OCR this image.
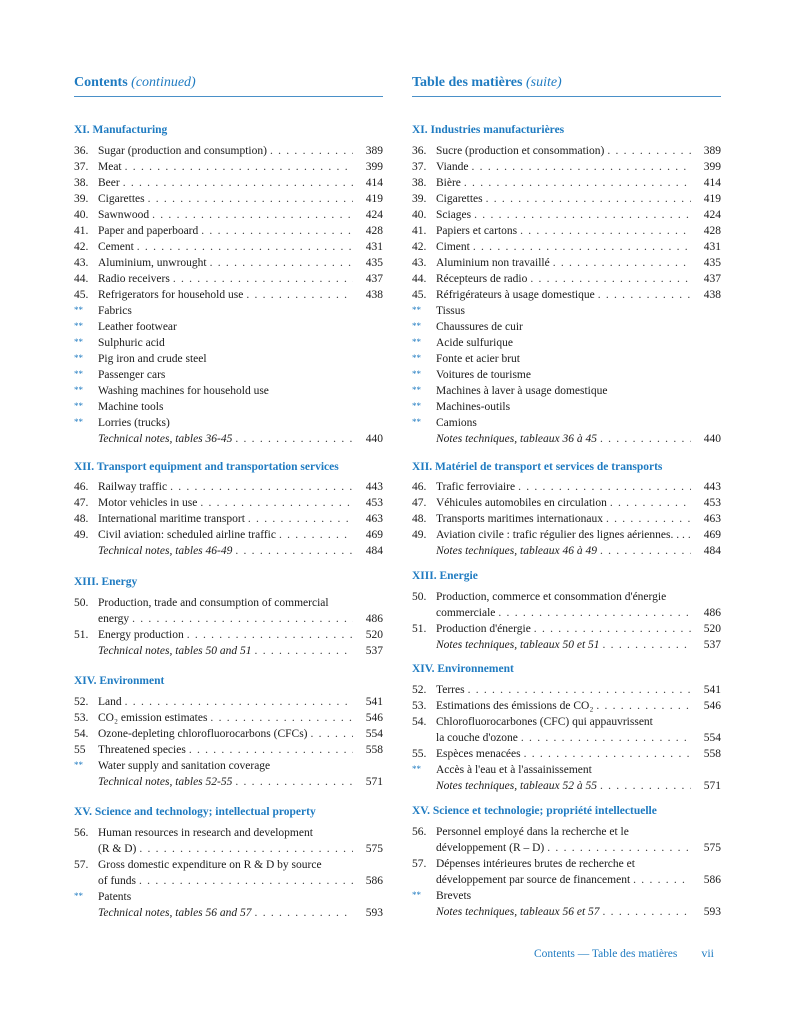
Contents (continued)
XI. Manufacturing
36. Sugar (production and consumption) . . .	389
37. Meat . . .	399
38. Beer . . .	414
39. Cigarettes . . .	419
40. Sawnwood . . .	424
41. Paper and paperboard . . .	428
42. Cement . . .	431
43. Aluminium, unwrought . . .	435
44. Radio receivers . . .	437
45. Refrigerators for household use . . .	438
** Fabrics
** Leather footwear
** Sulphuric acid
** Pig iron and crude steel
** Passenger cars
** Washing machines for household use
** Machine tools
** Lorries (trucks)
Technical notes, tables 36-45 . . .	440
XII. Transport equipment and transportation services
46. Railway traffic . . .	443
47. Motor vehicles in use . . .	453
48. International maritime transport . . .	463
49. Civil aviation: scheduled airline traffic . . .	469
Technical notes, tables 46-49 . . .	484
XIII. Energy
50. Production, trade and consumption of commercial
energy . . .	486
51. Energy production . . .	520
Technical notes, tables 50 and 51 . . .	537
XIV. Environment
52. Land . . .	541
53. CO₂ emission estimates . . .	546
54. Ozone-depleting chlorofluorocarbons (CFCs) . . .	554
55 Threatened species . . .	558
** Water supply and sanitation coverage
Technical notes, tables 52-55 . . .	571
XV. Science and technology; intellectual property
56. Human resources in research and development
(R & D) . . .	575
57. Gross domestic expenditure on R & D by source
of funds . . .	586
** Patents
Technical notes, tables 56 and 57 . . .	593
Table des matières (suite)
XI. Industries manufacturières
36. Sucre (production et consommation) . . .	389
37. Viande . . .	399
38. Bière . . .	414
39. Cigarettes . . .	419
40. Sciages . . .	424
41. Papiers et cartons . . .	428
42. Ciment . . .	431
43. Aluminium non travaillé . . .	435
44. Récepteurs de radio . . .	437
45. Réfrigérateurs à usage domestique . . .	438
** Tissus
** Chaussures de cuir
** Acide sulfurique
** Fonte et acier brut
** Voitures de tourisme
** Machines à laver à usage domestique
** Machines-outils
** Camions
Notes techniques, tableaux 36 à 45 . . .	440
XII. Matériel de transport et services de transports
46. Trafic ferroviaire . . .	443
47. Véhicules automobiles en circulation . . .	453
48. Transports maritimes internationaux . . .	463
49. Aviation civile : trafic régulier des lignes aériennes. . . . . .	469
Notes techniques, tableaux 46 à 49 . . .	484
XIII. Energie
50. Production, commerce et consommation d'énergie
commerciale . . .	486
51. Production d'énergie . . .	520
Notes techniques, tableaux 50 et 51 . . .	537
XIV. Environnement
52. Terres . . .	541
53. Estimations des émissions de CO₂ . . .	546
54. Chlorofluorocarbones (CFC) qui appauvrissent
la couche d'ozone . . .	554
55. Espèces menacées . . .	558
** Accès à l'eau et à l'assainissement
Notes techniques, tableaux 52 à 55 . . .	571
XV. Science et technologie; propriété intellectuelle
56. Personnel employé dans la recherche et le
développement (R – D) . . .	575
57. Dépenses intérieures brutes de recherche et
développement par source de financement . . .	586
** Brevets
Notes techniques, tableaux 56 et 57 . . .	593
Contents — Table des matières vii
